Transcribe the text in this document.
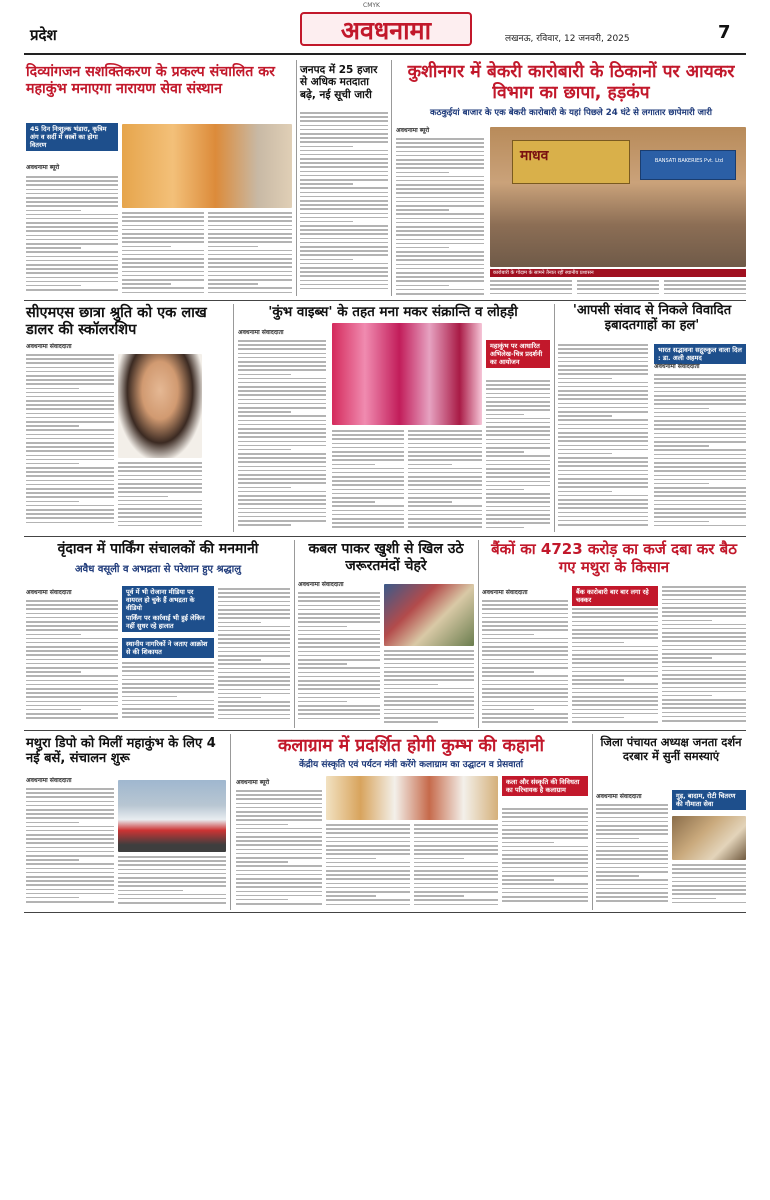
CMYK
प्रदेश	अवधनामा	लखनऊ, रविवार, 12 जनवरी, 2025	7
दिव्यांगजन सशक्तिकरण के प्रकल्प संचालित कर महाकुंभ मनाएगा नारायण सेवा संस्थान
45 दिन निःशुल्क भंडारा, कृत्रिम अंग व सर्दी में वस्त्रों का होगा वितरण
अवधनामा ब्यूरो
जनपद में 25 हजार से अधिक मतदाता बढ़े, नई सूची जारी
कुशीनगर में बेकरी कारोबारी के ठिकानों पर आयकर विभाग का छापा, हड़कंप
कठकुईयां बाजार के एक बेकरी कारोबारी के यहां पिछले 24 घंटे से लगातार छापेमारी जारी
अवधनामा ब्यूरो
माधव	BANSATI BAKERIES Pvt. Ltd
कारोबारी के गोदाम के सामने तैनात रहीं स्थानीय प्रशासन
सीएमएस छात्रा श्रुति को एक लाख डालर की स्कॉलरशिप
अवधनामा संवाददाता
'कुंभ वाइब्स' के तहत मना मकर संक्रान्ति व लोहड़ी
अवधनामा संवाददाता
महाकुंभ पर आधारित अभिलेख-चित्र प्रदर्शनी का आयोजन
'आपसी संवाद से निकले विवादित इबादतगाहों का हल'
भारत सद्भावना सद्गुरुकुल वाला दिल : डा. अली अहमद
अवधनामा संवाददाता
वृंदावन में पार्किंग संचालकों की मनमानी
अवैध वसूली व अभद्रता से परेशान हुए श्रद्धालु
अवधनामा संवाददाता	पूर्व में भी रोजाना मीडिया पर वायरल हो चुके हैं अभद्रता के वीडियो
पार्किंग पर कार्रवाई भी हुई लेकिन नहीं सुधर रहे हालात
स्थानीय नागरिकों ने जताए आक्रोश से की शिकायत
कबल पाकर खुशी से खिल उठे जरूरतमंदों चेहरे
अवधनामा संवाददाता
बैंकों का 4723 करोड़ का कर्ज दबा कर बैठ गए मथुरा के किसान
अवधनामा संवाददाता	बैंक कारोबारी बार बार लगा रहे चक्कर
मथुरा डिपो को मिलीं महाकुंभ के लिए 4 नई बसें, संचालन शुरू
अवधनामा संवाददाता
कलाग्राम में प्रदर्शित होगी कुम्भ की कहानी
केंद्रीय संस्कृति एवं पर्यटन मंत्री करेंगे कलाग्राम का उद्घाटन व प्रेसवार्ता
अवधनामा ब्यूरो	कला और संस्कृति की विविधता का परिचायक है कलाग्राम
जिला पंचायत अध्यक्ष जनता दर्शन दरबार में सुनीं समस्याएं
अवधनामा संवाददाता	गुड़, बादाम, रोटी चितरण की गौमाता सेवा
